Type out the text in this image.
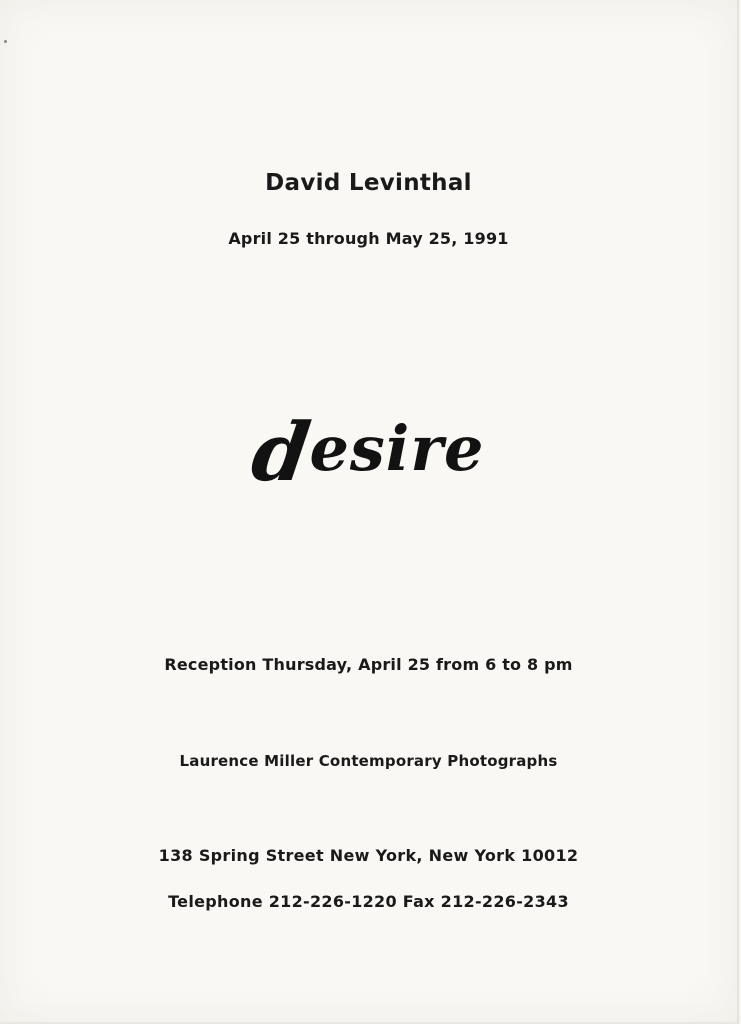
David Levinthal
April 25 through May 25, 1991
desire
Reception Thursday, April 25 from 6 to 8 pm
Laurence Miller Contemporary Photographs
138 Spring Street New York, New York 10012
Telephone 212-226-1220 Fax 212-226-2343
